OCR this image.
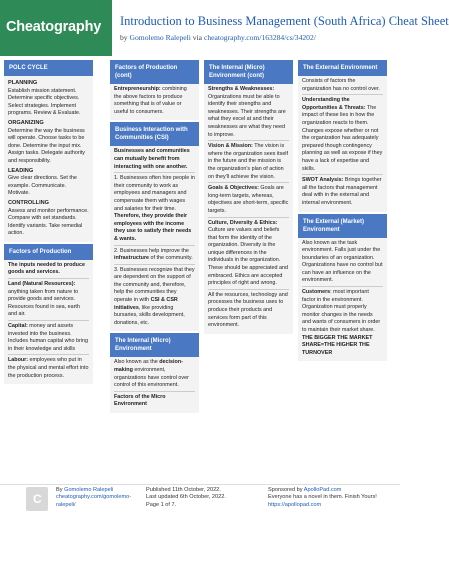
Cheatography Introduction to Business Management (South Africa) Cheat Sheet
by Gomolemo Ralepeli via cheatography.com/163284/cs/34202/
POLC CYCLE
PLANNING

Establish mission statement. Determine specific objectives. Select strategies. Implement programs. Review & Evaluate.

ORGANIZING

Determine the way the business will operate. Choose tasks to be done. Determine the input mix. Assign tasks. Delegate authority and responsibility.

LEADING

Give clear directions. Set the example. Communicate. Motivate.

CONTROLLING

Assess and monitor performance. Compare with set standards. Identify variants. Take remedial action.

Factors of Production

The inputs needed to produce goods and services.

Land (Natural Resources): anything taken from nature to provide goods and services. Resources found in sea, earth and air.

Capital: money and assets invested into the business. Includes human capital who bring in their knowledge and skills

Labour: employees who put in the physical and mental effort into the production process.

Factors of Production (cont)

Entrepreneurship: combining the above factors to produce something that is of value or useful to consumers.

Business Interaction with Communities (CSI)

Businesses and communities can mutually benefit from interacting with one another.

1. Businesses often hire people in their community to work as employees and managers and compensate them with wages and salaries for their time. Therefore, they provide their employees with the income they use to satisfy their needs & wants.

2. Businesses help improve the infrastructure of the community.

3. Businesses recognize that they are dependent on the support of the community and, therefore, help the communities they operate in with CSI & CSR initiatives, like providing bursaries, skills development, donations, etc.

The Internal (Micro) Environment

Also known as the decision-making environment, organizations have control over control of this environment.

Factors of the Micro Environment

The Internal (Micro) Environment (cont)

Strengths & Weaknesses: Organizations must be able to identify their strengths and weaknesses. Their strengths are what they excel at and their weaknesses are what they need to improve.

Vision & Mission: The vision is where the organization sees itself in the future and the mission is the organization's plan of action on they'll achieve the vision.

Goals & Objectives: Goals are long-term targets, whereas, objectives are short-term, specific targets.

Culture, Diversity & Ethics: Culture are values and beliefs that form the identity of the organization. Diversity is the unique differences in the individuals in the organization. These should be appreciated and embraced. Ethics are accepted principles of right and wrong.

All the resources, technology and processes the business uses to produce their products and services form part of this environment.

The External Environment

Consists of factors the organization has no control over.

Understanding the Opportunities & Threats: The impact of these lies in how the organization reacts to them. Changes expose whether or not the organization has adequately prepared though contingency planning as well as expose if they have a lack of expertise and skills.

SWOT Analysis: Brings together all the factors that management deal with in the external and internal environment.

The External (Market) Environment

Also known as the task environment. Falls just under the boundaries of an organization. Organizations have no control but can have an influence on the environment.

Customers: most important factor in the environment. Organization must properly monitor changes in the needs and wants of consumers in order to maintain their market share. THE BIGGER THE MARKET SHARE=THE HIGHER THE TURNOVER

C
By Gomolemo Ralepeli
cheatography.com/gomolemo-ralepeli/
Published 11th October, 2022.
Last updated 6th October, 2022.
Page 1 of 7.
Sponsored by ApolloPad.com
Everyone has a novel in them. Finish Yours!
https://apollopad.com
